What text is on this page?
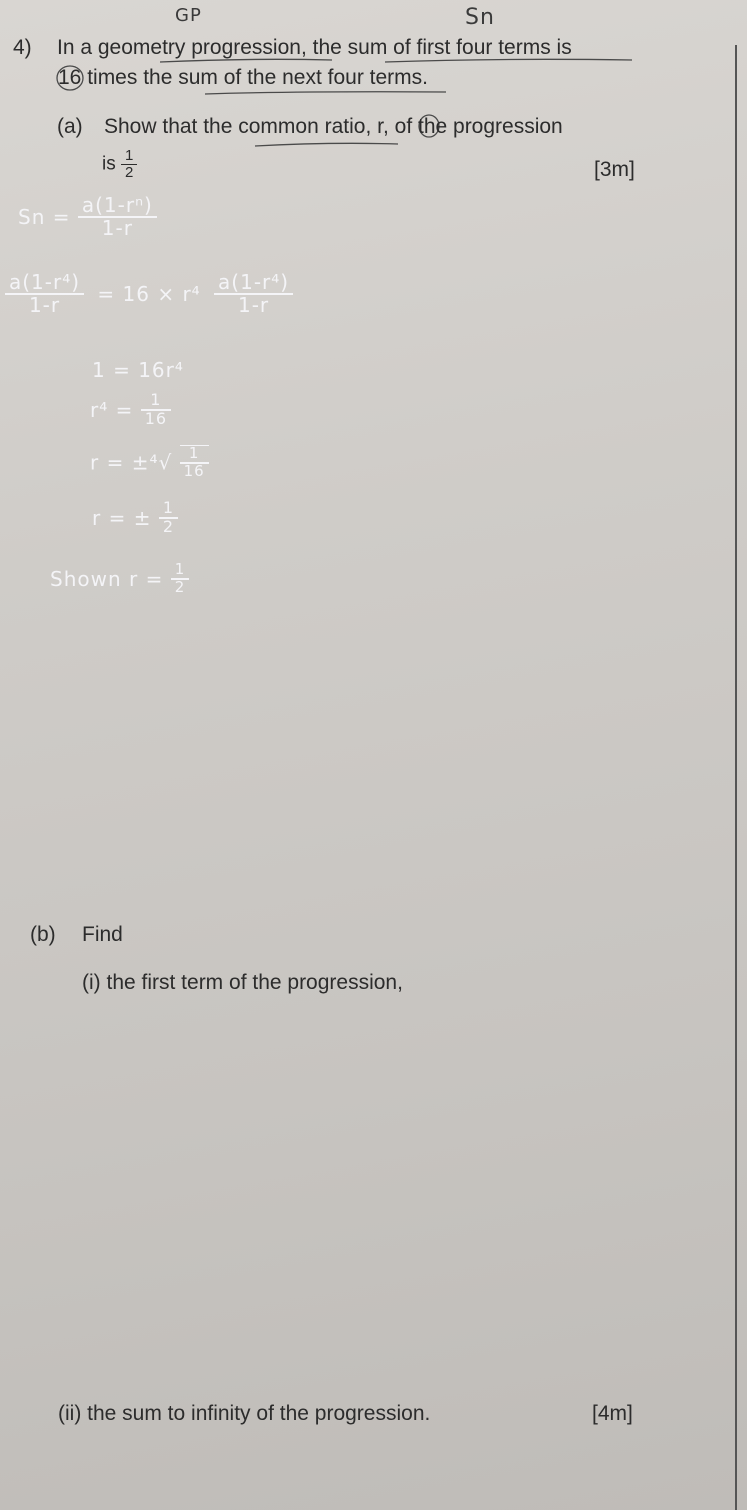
GP	Sn
4) In a geometry progression, the sum of first four terms is
16 times the sum of the next four terms.
(a) Show that the common ratio, r, of the progression
is $\frac{1}{2}$	[3m]
$Sn = \frac{\text{a(1-rⁿ)}}{1-r}$
$\frac{\text{a(1-r⁴)}}{1-r} = 16 \times r^4 \frac{\text{a(1-r⁴)}}{1-r}$
1 = 16r⁴
$r^4 = \frac{1}{16}$
$r = \pm^4√ \frac{1}{16}$
r = ± $\frac{1}{2}$
Shown $r = \frac{1}{2}$
(b) Find
(i) the first term of the progression,
(ii) the sum to infinity of the progression.	[4m]
